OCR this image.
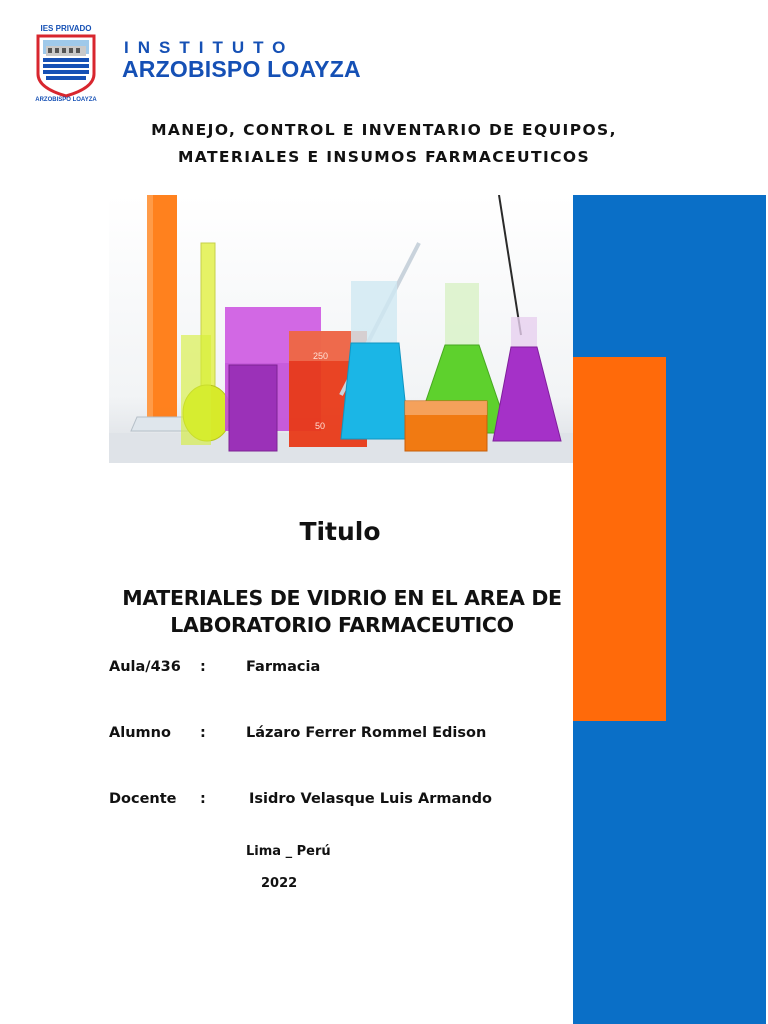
IES PRIVADO
ARZOBISPO LOAYZA
INSTITUTO
ARZOBISPO LOAYZA
MANEJO, CONTROL E INVENTARIO DE EQUIPOS,
MATERIALES E INSUMOS FARMACEUTICOS
250
50
Titulo
MATERIALES DE VIDRIO EN EL AREA DE
LABORATORIO FARMACEUTICO
Aula/436 :	Farmacia
Alumno :	Lázaro Ferrer Rommel Edison
Docente :	Isidro Velasque Luis Armando
Lima _ Perú
2022
